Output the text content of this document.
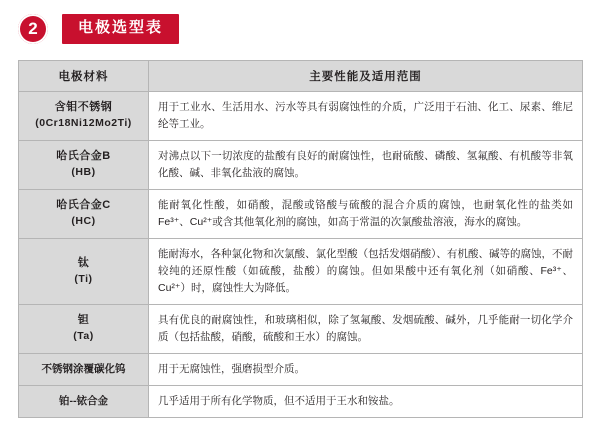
2	电极选型表
电极材料	主要性能及适用范围
含钼不锈钢
(0Cr18Ni12Mo2Ti)	用于工业水、生活用水、污水等具有弱腐蚀性的介质，广泛用于石油、化工、尿素、维尼纶等工业。
哈氏合金B
(HB)	对沸点以下一切浓度的盐酸有良好的耐腐蚀性，也耐硫酸、磷酸、氢氟酸、有机酸等非氧化酸、碱、非氧化盐液的腐蚀。
哈氏合金C
(HC)	能耐氧化性酸，如硝酸，混酸或铬酸与硫酸的混合介质的腐蚀，也耐氧化性的盐类如Fe³⁺、Cu²⁺或含其他氧化剂的腐蚀，如高于常温的次氯酸盐溶液，海水的腐蚀。
钛
(Ti)	能耐海水，各种氯化物和次氯酸、氯化型酸（包括发烟硝酸）、有机酸、碱等的腐蚀，不耐较纯的还原性酸（如硫酸，盐酸）的腐蚀。但如果酸中还有氧化剂（如硝酸、Fe³⁺、Cu²⁺）时，腐蚀性大为降低。
钽
(Ta)	具有优良的耐腐蚀性，和玻璃相似，除了氢氟酸、发烟硫酸、碱外，几乎能耐一切化学介质（包括盐酸，硝酸，硫酸和王水）的腐蚀。
不锈钢涂覆碳化钨	用于无腐蚀性，强磨损型介质。
铂--铱合金	几乎适用于所有化学物质，但不适用于王水和铵盐。
